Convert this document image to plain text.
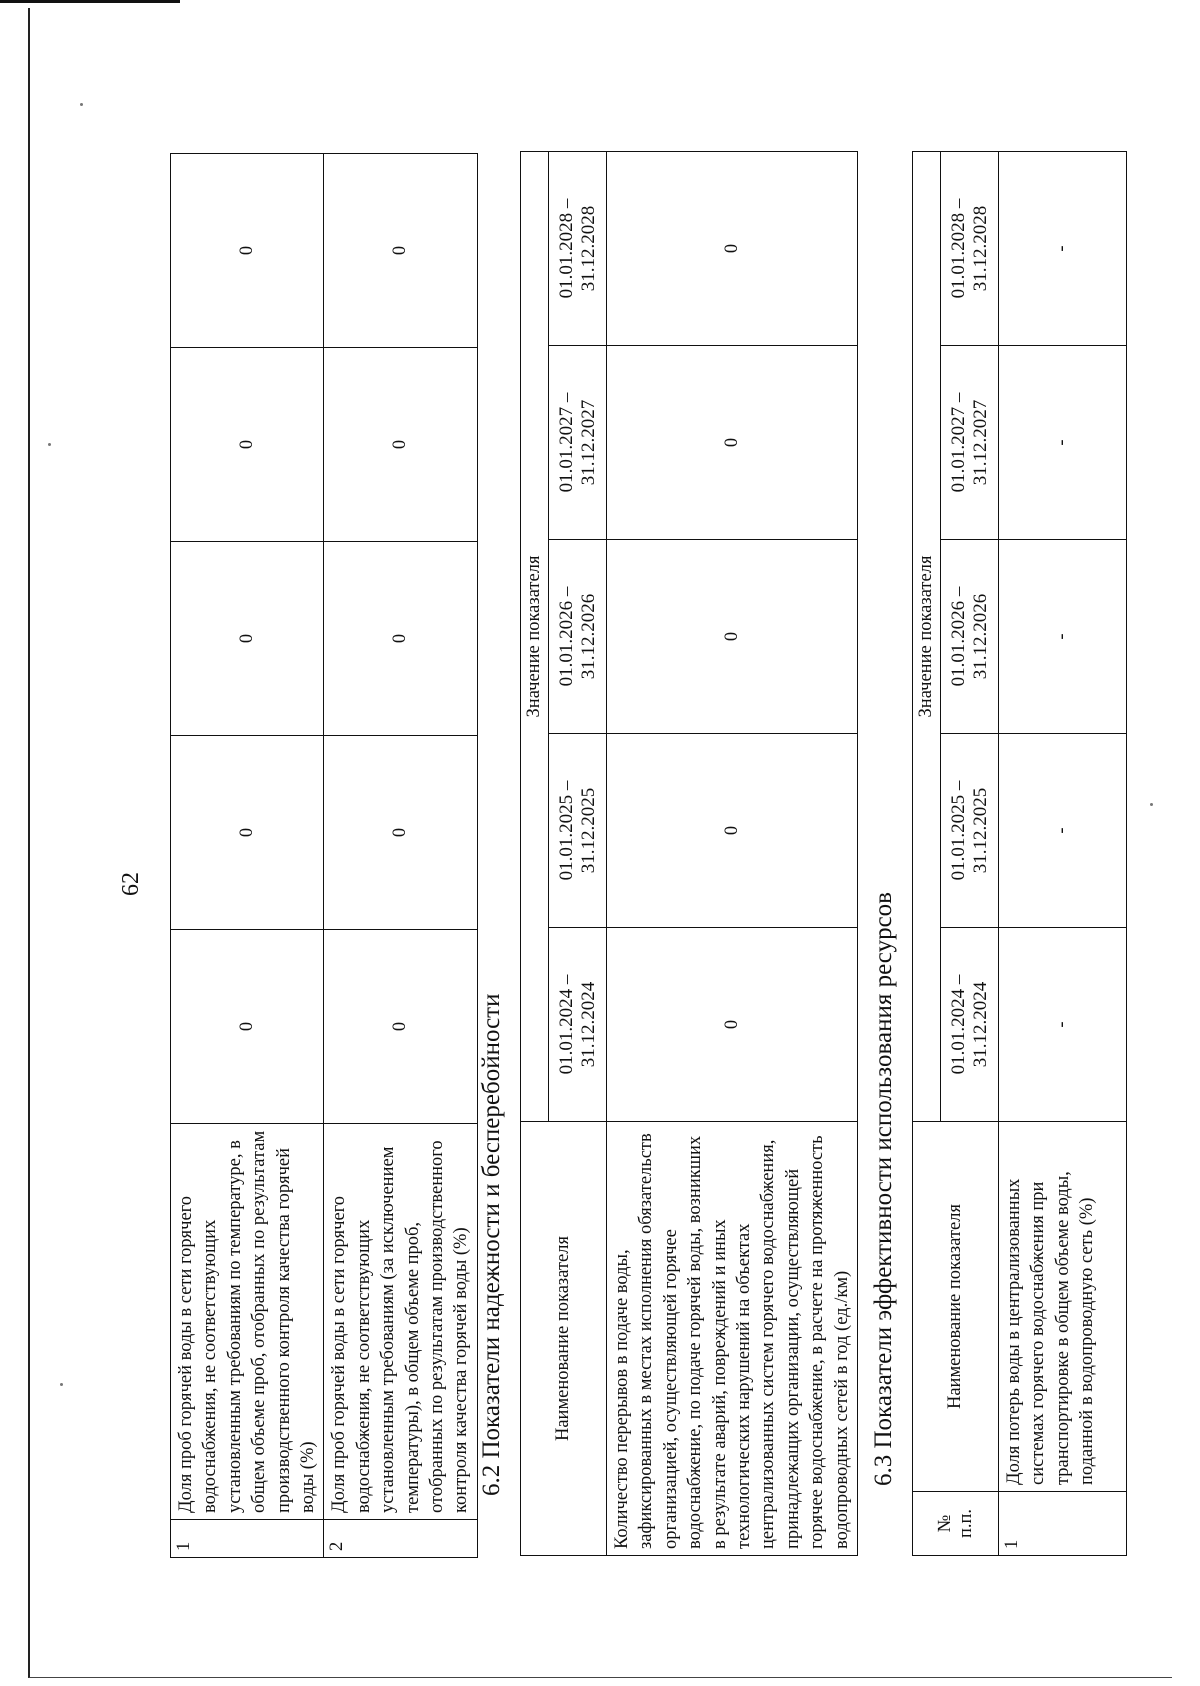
62
1	Доля проб горячей воды в сети горячего водоснабжения, не соответствующих установленным требованиям по температуре, в общем объеме проб, отобранных по результатам производственного контроля качества горячей воды (%)	0	0	0	0	0
2	Доля проб горячей воды в сети горячего водоснабжения, не соответствующих установленным требованиям (за исключением температуры), в общем объеме проб, отобранных по результатам производственного контроля качества горячей воды (%)	0	0	0	0	0
6.2 Показатели надежности и бесперебойности	Наименование показателя	Значение показателя				
	01.01.2024 – 31.12.2024	01.01.2025 – 31.12.2025	01.01.2026 – 31.12.2026	01.01.2027 – 31.12.2027	01.01.2028 – 31.12.2028
Количество перерывов в подаче воды, зафиксированных в местах исполнения обязательств организацией, осуществляющей горячее водоснабжение, по подаче горячей воды, возникших в результате аварий, повреждений и иных технологических нарушений на объектах централизованных систем горячего водоснабжения, принадлежащих организации, осуществляющей горячее водоснабжение, в расчете на протяженность водопроводных сетей в год (ед./км)	0	0	0	0	0
6.3 Показатели эффективности использования ресурсов
№ п.п.	Наименование показателя	Значение показателя				
		01.01.2024 – 31.12.2024	01.01.2025 – 31.12.2025	01.01.2026 – 31.12.2026	01.01.2027 – 31.12.2027	01.01.2028 – 31.12.2028
1	Доля потерь воды в централизованных системах горячего водоснабжения при транспортировке в общем объеме воды, поданной в водопроводную сеть (%)	-	-	-	-	-
